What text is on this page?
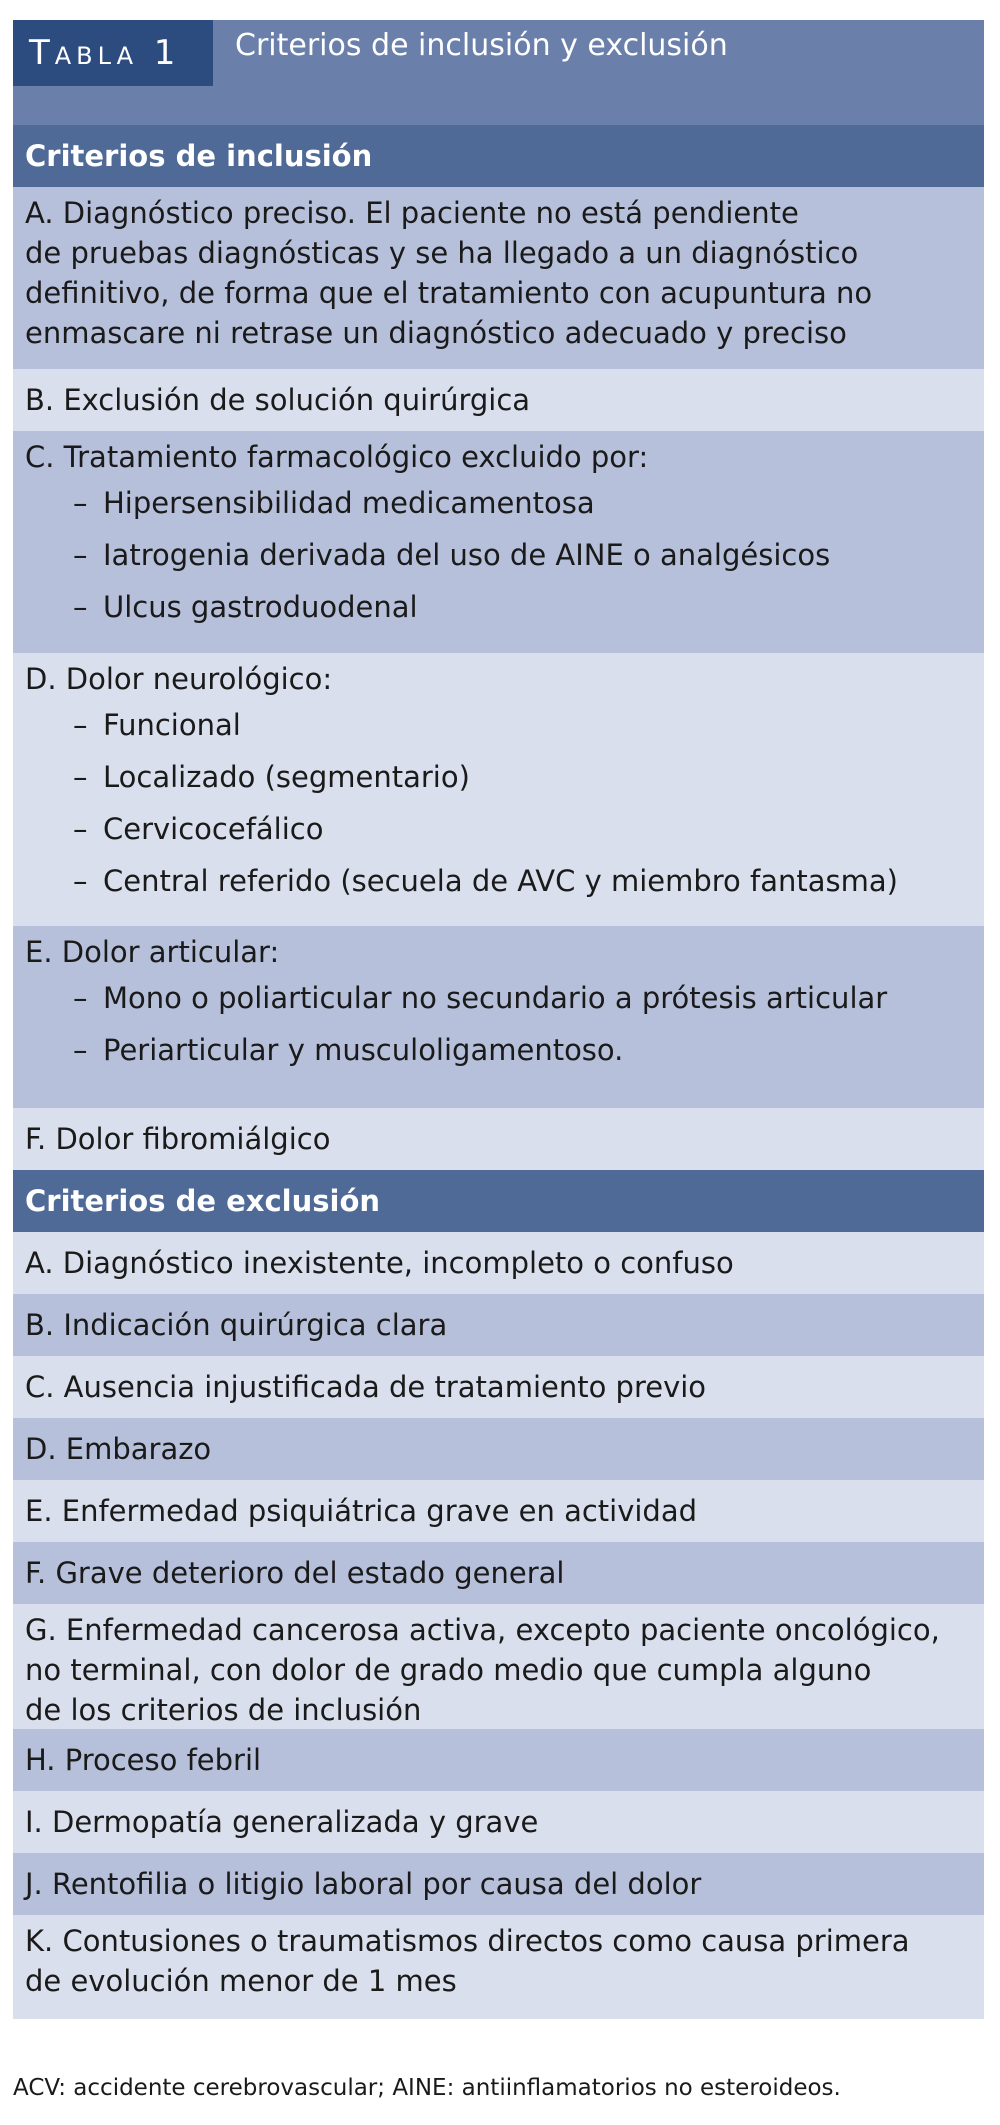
Tabla 1	Criterios de inclusión y exclusión
Criterios de inclusión
A. Diagnóstico preciso. El paciente no está pendiente
de pruebas diagnósticas y se ha llegado a un diagnóstico
definitivo, de forma que el tratamiento con acupuntura no
enmascare ni retrase un diagnóstico adecuado y preciso
B. Exclusión de solución quirúrgica
C. Tratamiento farmacológico excluido por:
– Hipersensibilidad medicamentosa
– Iatrogenia derivada del uso de AINE o analgésicos
– Ulcus gastroduodenal
D. Dolor neurológico:
– Funcional
– Localizado (segmentario)
– Cervicocefálico
– Central referido (secuela de AVC y miembro fantasma)
E. Dolor articular:
– Mono o poliarticular no secundario a prótesis articular
– Periarticular y musculoligamentoso.
F. Dolor fibromiálgico
Criterios de exclusión
A. Diagnóstico inexistente, incompleto o confuso
B. Indicación quirúrgica clara
C. Ausencia injustificada de tratamiento previo
D. Embarazo
E. Enfermedad psiquiátrica grave en actividad
F. Grave deterioro del estado general
G. Enfermedad cancerosa activa, excepto paciente oncológico,
no terminal, con dolor de grado medio que cumpla alguno
de los criterios de inclusión
H. Proceso febril
I. Dermopatía generalizada y grave
J. Rentofilia o litigio laboral por causa del dolor
K. Contusiones o traumatismos directos como causa primera
de evolución menor de 1 mes
ACV: accidente cerebrovascular; AINE: antiinflamatorios no esteroideos.
